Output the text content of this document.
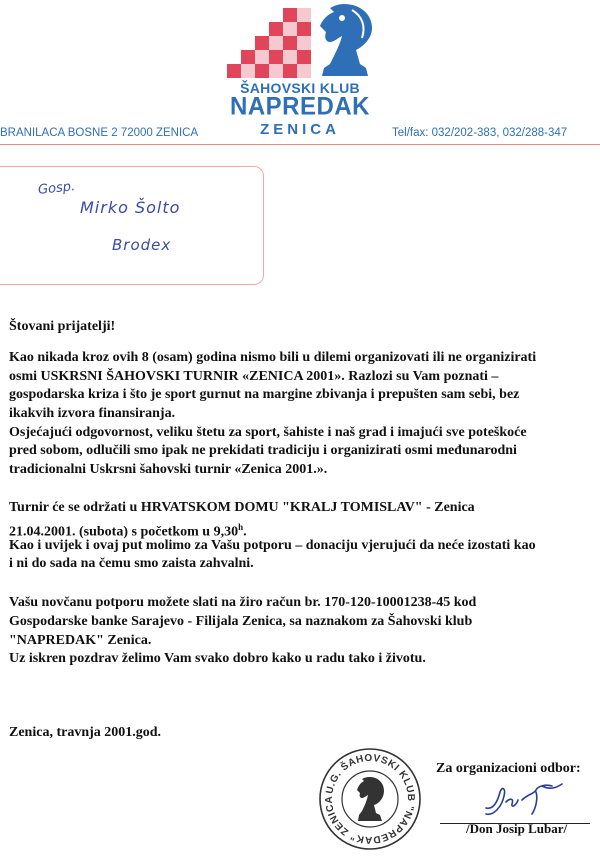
ŠAHOVSKI KLUB
NAPREDAK
ZENICA
BRANILACA BOSNE 2 72000 ZENICA	Tel/fax: 032/202-383, 032/288-347
Gosp.
Mirko Šolto
Brodex
Štovani prijatelji!
Kao nikada kroz ovih 8 (osam) godina nismo bili u dilemi organizovati ili ne organizirati
osmi USKRSNI ŠAHOVSKI TURNIR «ZENICA 2001». Razlozi su Vam poznati –
gospodarska kriza i što je sport gurnut na margine zbivanja i prepušten sam sebi, bez
ikakvih izvora finansiranja.
Osjećajući odgovornost, veliku štetu za sport, šahiste i naš grad i imajući sve poteškoće
pred sobom, odlučili smo ipak ne prekidati tradiciju i organizirati osmi međunarodni
tradicionalni Uskrsni šahovski turnir «Zenica 2001.».
Turnir će se održati u HRVATSKOM DOMU "KRALJ TOMISLAV" - Zenica
21.04.2001. (subota) s početkom u 9,30$^h$.
Kao i uvijek i ovaj put molimo za Vašu potporu – donaciju vjerujući da neće izostati kao
i ni do sada na čemu smo zaista zahvalni.
Vašu novčanu potporu možete slati na žiro račun br. 170-120-10001238-45 kod
Gospodarske banke Sarajevo - Filijala Zenica, sa naznakom za Šahovski klub
"NAPREDAK" Zenica.
Uz iskren pozdrav želimo Vam svako dobro kako u radu tako i životu.
Zenica, travnja 2001.god.
U.G. ŠAHOVSKI KLUB "NAPREDAK" ZENICA
Za organizacioni odbor:
/Don Josip Lubar/
